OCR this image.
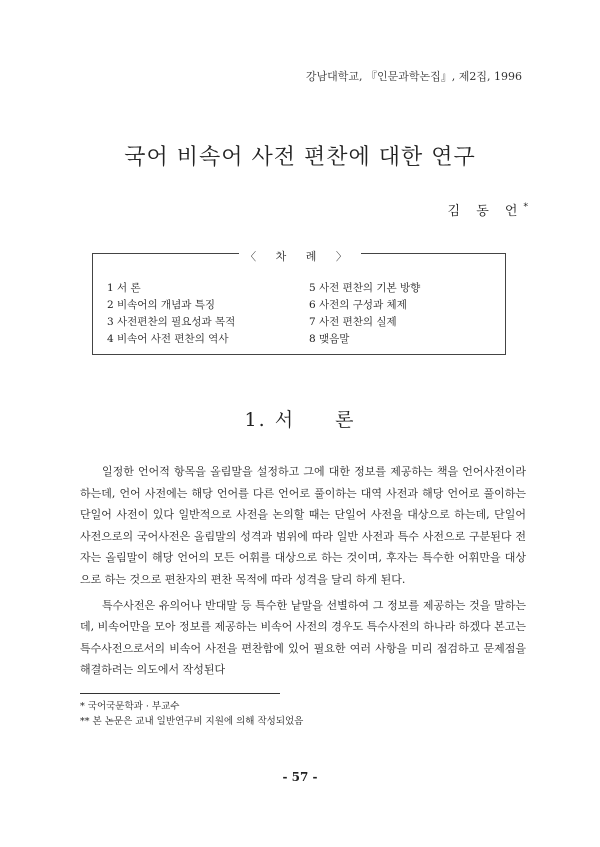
강남대학교, 『인문과학논집』, 제2집, 1996
국어 비속어 사전 편찬에 대한 연구
김 동 언*
〈 차 례 〉
1 서 론
2 비속어의 개념과 특징
3 사전편찬의 필요성과 목적
4 비속어 사전 편찬의 역사
5 사전 편찬의 기본 방향
6 사전의 구성과 체제
7 사전 편찬의 실제
8 맺음말
1. 서 론

일정한 언어적 항목을 올림말을 설정하고 그에 대한 정보를 제공하는 책을 언어사전이라 하는데, 언어 사전에는 해당 언어를 다른 언어로 풀이하는 대역 사전과 해당 언어로 풀이하는 단일어 사전이 있다 일반적으로 사전을 논의할 때는 단일어 사전을 대상으로 하는데, 단일어 사전으로의 국어사전은 올림말의 성격과 범위에 따라 일반 사전과 특수 사전으로 구분된다 전자는 올림말이 해당 언어의 모든 어휘를 대상으로 하는 것이며, 후자는 특수한 어휘만을 대상으로 하는 것으로 편찬자의 편찬 목적에 따라 성격을 달리 하게 된다.

특수사전은 유의어나 반대말 등 특수한 낱말을 선별하여 그 정보를 제공하는 것을 말하는데, 비속어만을 모아 정보를 제공하는 비속어 사전의 경우도 특수사전의 하나라 하겠다 본고는 특수사전으로서의 비속어 사전을 편찬함에 있어 필요한 여러 사항을 미리 점검하고 문제점을 해결하려는 의도에서 작성된다

* 국어국문학과 · 부교수
** 본 논문은 교내 일반연구비 지원에 의해 작성되었음
- 57 -
